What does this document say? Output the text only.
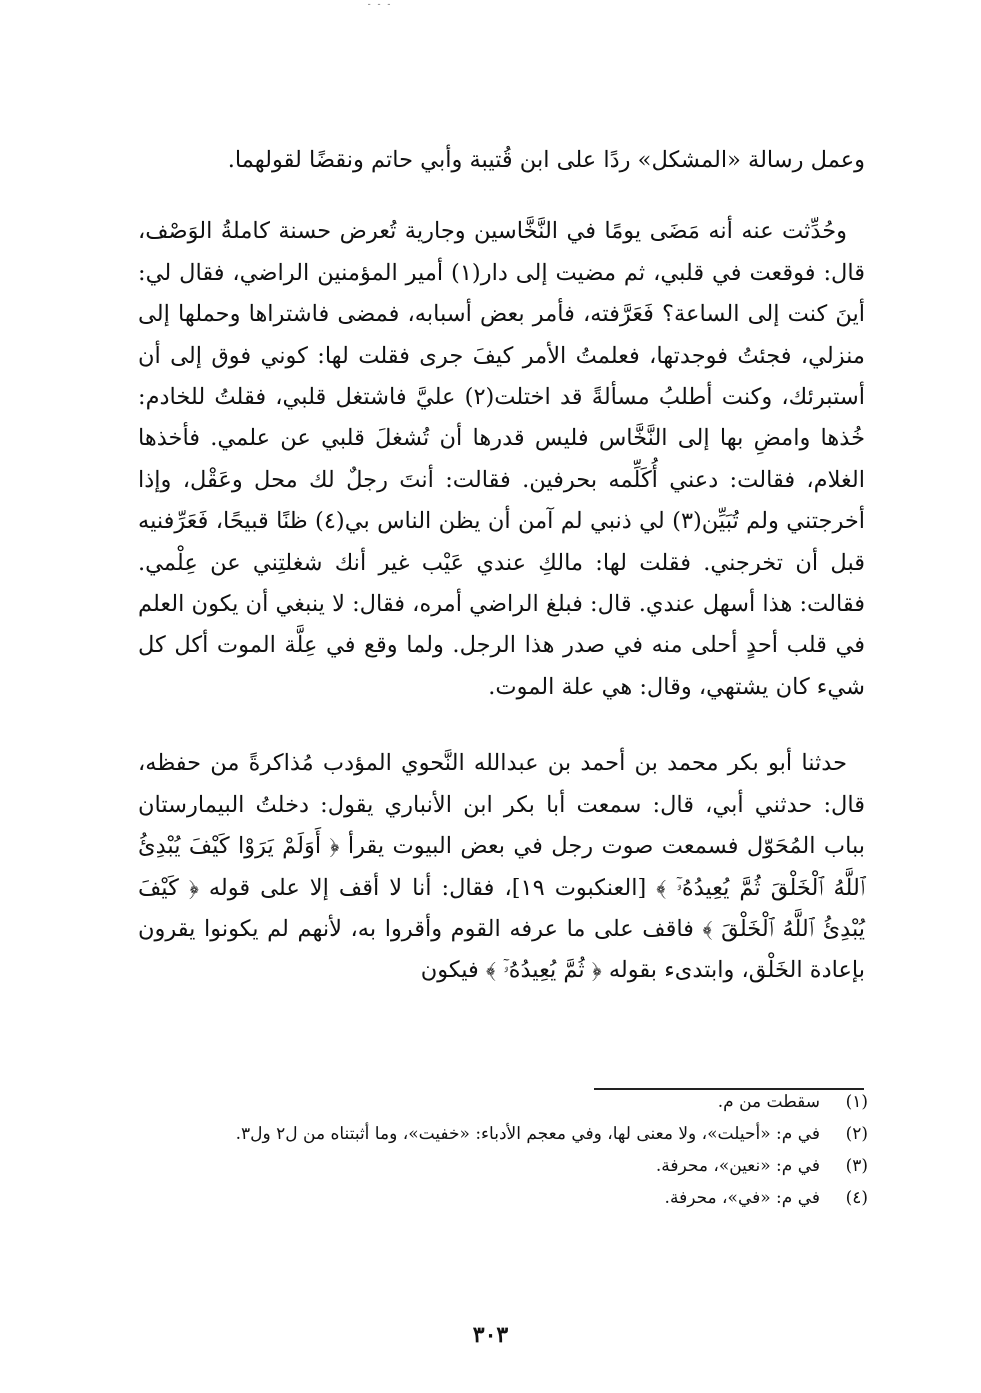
- - -

وعمل رسالة «المشكل» ردًا على ابن قُتيبة وأبي حاتم ونقضًا لقولهما.

وحُدِّثت عنه أنه مَضَى يومًا في النَّخَّاسين وجارية تُعرض حسنة كاملةُ الوَصْف، قال: فوقعت في قلبي، ثم مضيت إلى دار(١) أمير المؤمنين الراضي، فقال لي: أينَ كنت إلى الساعة؟ فَعَرَّفته، فأمر بعض أسبابه، فمضى فاشتراها وحملها إلى منزلي، فجئتُ فوجدتها، فعلمتُ الأمر كيفَ جرى فقلت لها: كوني فوق إلى أن أستبرئك، وكنت أطلبُ مسألةً قد اختلت(٢) عليَّ فاشتغل قلبي، فقلتُ للخادم: خُذها وامضِ بها إلى النَّخَّاس فليس قدرها أن تُشغلَ قلبي عن علمي. فأخذها الغلام، فقالت: دعني أُكَلِّمه بحرفين. فقالت: أنتَ رجلٌ لك محل وعَقْل، وإذا أخرجتني ولم تُبَيِّن(٣) لي ذنبي لم آمن أن يظن الناس بي(٤) ظنًا قبيحًا، فَعَرِّفنيه قبل أن تخرجني. فقلت لها: مالكِ عندي عَيْب غير أنك شغلتِني عن عِلْمي. فقالت: هذا أسهل عندي. قال: فبلغ الراضي أمره، فقال: لا ينبغي أن يكون العلم في قلب أحدٍ أحلى منه في صدر هذا الرجل. ولما وقع في عِلَّة الموت أكل كل شيء كان يشتهي، وقال: هي علة الموت.

حدثنا أبو بكر محمد بن أحمد بن عبدالله النَّحوي المؤدب مُذاكرةً من حفظه، قال: حدثني أبي، قال: سمعت أبا بكر ابن الأنباري يقول: دخلتُ البيمارستان بباب المُحَوّل فسمعت صوت رجل في بعض البيوت يقرأ ﴿ أَوَلَمْ يَرَوْا كَيْفَ يُبْدِئُ ٱللَّهُ ٱلْخَلْقَ ثُمَّ يُعِيدُهُۥٓ ﴾ [العنكبوت ١٩]، فقال: أنا لا أقف إلا على قوله ﴿ كَيْفَ يُبْدِئُ ٱللَّهُ ٱلْخَلْقَ ﴾ فاقف على ما عرفه القوم وأقروا به، لأنهم لم يكونوا يقرون بإعادة الخَلْق، وابتدىء بقوله ﴿ ثُمَّ يُعِيدُهُۥٓ ﴾ فيكون

(١)
سقطت من م.
(٢)
في م: «أحيلت»، ولا معنى لها، وفي معجم الأدباء: «خفيت»، وما أثبتناه من ل٢ ول٣.
(٣)
في م: «نعين»، محرفة.
(٤)
في م: «في»، محرفة.
٣٠٣
